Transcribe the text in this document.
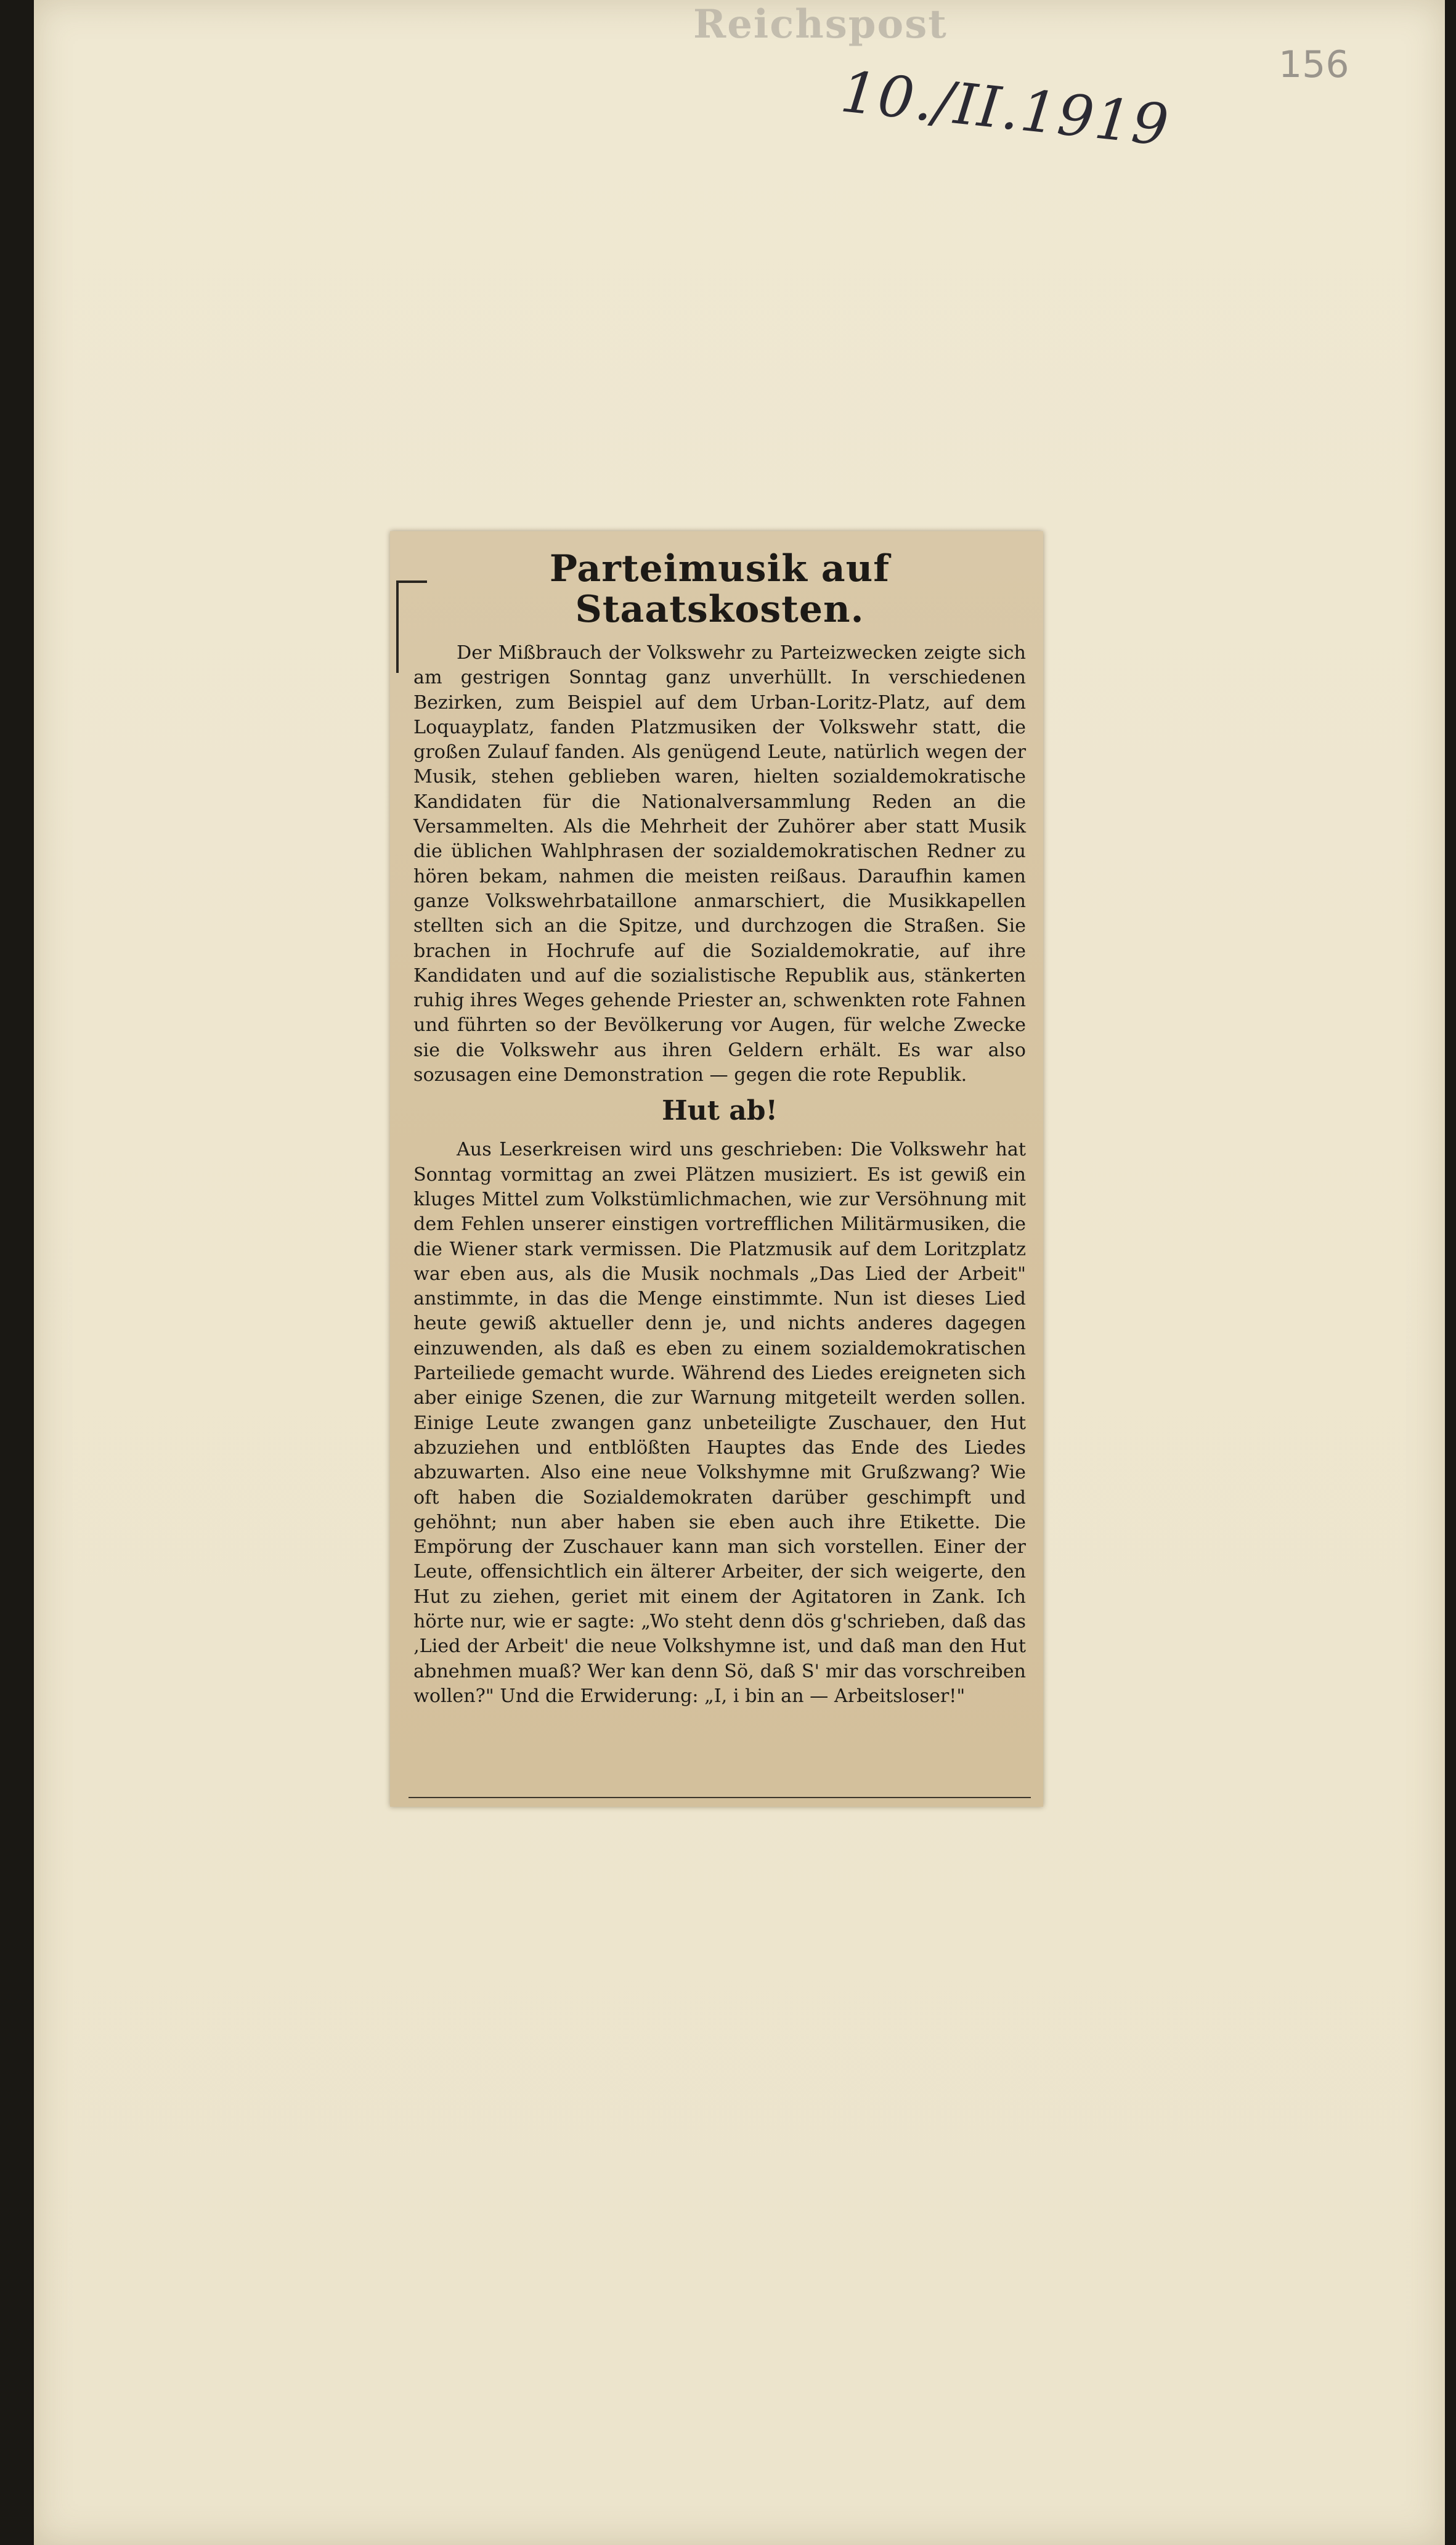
Reichspost
10./II.1919	156
Parteimusik auf Staatskosten.

Der Mißbrauch der Volkswehr zu Parteizwecken zeigte sich am gestrigen Sonntag ganz unverhüllt. In verschiedenen Bezirken, zum Beispiel auf dem Urban-Loritz-Platz, auf dem Loquayplatz, fanden Platzmusiken der Volkswehr statt, die großen Zulauf fanden. Als genügend Leute, natürlich wegen der Musik, stehen geblieben waren, hielten sozialdemokratische Kandidaten für die Nationalversammlung Reden an die Versammelten. Als die Mehrheit der Zuhörer aber statt Musik die üblichen Wahlphrasen der sozialdemokratischen Redner zu hören bekam, nahmen die meisten reißaus. Daraufhin kamen ganze Volkswehrbataillone anmarschiert, die Musikkapellen stellten sich an die Spitze, und durchzogen die Straßen. Sie brachen in Hochrufe auf die Sozialdemokratie, auf ihre Kandidaten und auf die sozialistische Republik aus, stänkerten ruhig ihres Weges gehende Priester an, schwenkten rote Fahnen und führten so der Bevölkerung vor Augen, für welche Zwecke sie die Volkswehr aus ihren Geldern erhält. Es war also sozusagen eine Demonstration — gegen die rote Republik.

Hut ab!

Aus Leserkreisen wird uns geschrieben: Die Volkswehr hat Sonntag vormittag an zwei Plätzen musiziert. Es ist gewiß ein kluges Mittel zum Volkstümlichmachen, wie zur Versöhnung mit dem Fehlen unserer einstigen vortrefflichen Militärmusiken, die die Wiener stark vermissen. Die Platzmusik auf dem Loritzplatz war eben aus, als die Musik nochmals „Das Lied der Arbeit" anstimmte, in das die Menge einstimmte. Nun ist dieses Lied heute gewiß aktueller denn je, und nichts anderes dagegen einzuwenden, als daß es eben zu einem sozialdemokratischen Parteiliede gemacht wurde. Während des Liedes ereigneten sich aber einige Szenen, die zur Warnung mitgeteilt werden sollen. Einige Leute zwangen ganz unbeteiligte Zuschauer, den Hut abzuziehen und entblößten Hauptes das Ende des Liedes abzuwarten. Also eine neue Volkshymne mit Grußzwang? Wie oft haben die Sozialdemokraten darüber geschimpft und gehöhnt; nun aber haben sie eben auch ihre Etikette. Die Empörung der Zuschauer kann man sich vorstellen. Einer der Leute, offensichtlich ein älterer Arbeiter, der sich weigerte, den Hut zu ziehen, geriet mit einem der Agitatoren in Zank. Ich hörte nur, wie er sagte: „Wo steht denn dös g'schrieben, daß das ‚Lied der Arbeit' die neue Volkshymne ist, und daß man den Hut abnehmen muaß? Wer kan denn Sö, daß S' mir das vorschreiben wollen?" Und die Erwiderung: „I, i bin an — Arbeitsloser!"
